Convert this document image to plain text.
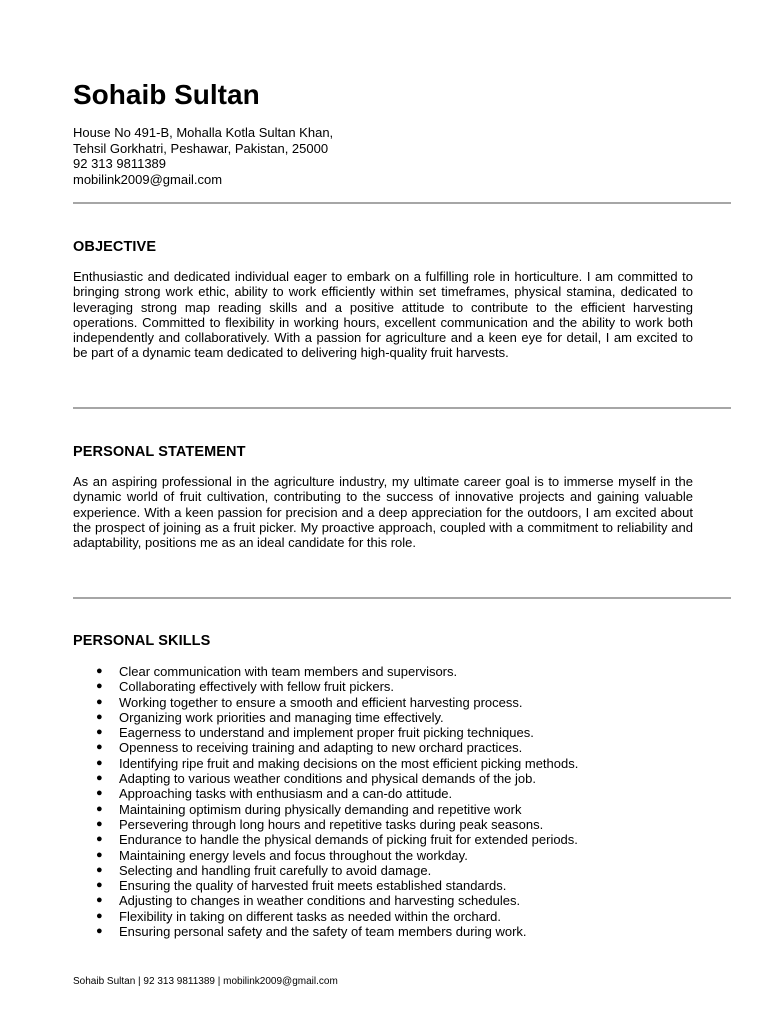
Sohaib Sultan
House No 491-B, Mohalla Kotla Sultan Khan,
Tehsil Gorkhatri, Peshawar, Pakistan, 25000
92 313 9811389
mobilink2009@gmail.com
OBJECTIVE

Enthusiastic and dedicated individual eager to embark on a fulfilling role in horticulture. I am committed to bringing strong work ethic, ability to work efficiently within set timeframes, physical stamina, dedicated to leveraging strong map reading skills and a positive attitude to contribute to the efficient harvesting operations. Committed to flexibility in working hours, excellent communication and the ability to work both independently and collaboratively. With a passion for agriculture and a keen eye for detail, I am excited to be part of a dynamic team dedicated to delivering high-quality fruit harvests.

PERSONAL STATEMENT

As an aspiring professional in the agriculture industry, my ultimate career goal is to immerse myself in the dynamic world of fruit cultivation, contributing to the success of innovative projects and gaining valuable experience. With a keen passion for precision and a deep appreciation for the outdoors, I am excited about the prospect of joining as a fruit picker. My proactive approach, coupled with a commitment to reliability and adaptability, positions me as an ideal candidate for this role.

PERSONAL SKILLS
● Clear communication with team members and supervisors.
● Collaborating effectively with fellow fruit pickers.
● Working together to ensure a smooth and efficient harvesting process.
● Organizing work priorities and managing time effectively.
● Eagerness to understand and implement proper fruit picking techniques.
● Openness to receiving training and adapting to new orchard practices.
● Identifying ripe fruit and making decisions on the most efficient picking methods.
● Adapting to various weather conditions and physical demands of the job.
● Approaching tasks with enthusiasm and a can-do attitude.
● Maintaining optimism during physically demanding and repetitive work
● Persevering through long hours and repetitive tasks during peak seasons.
● Endurance to handle the physical demands of picking fruit for extended periods.
● Maintaining energy levels and focus throughout the workday.
● Selecting and handling fruit carefully to avoid damage.
● Ensuring the quality of harvested fruit meets established standards.
● Adjusting to changes in weather conditions and harvesting schedules.
● Flexibility in taking on different tasks as needed within the orchard.
● Ensuring personal safety and the safety of team members during work.
Sohaib Sultan | 92 313 9811389 | mobilink2009@gmail.com
